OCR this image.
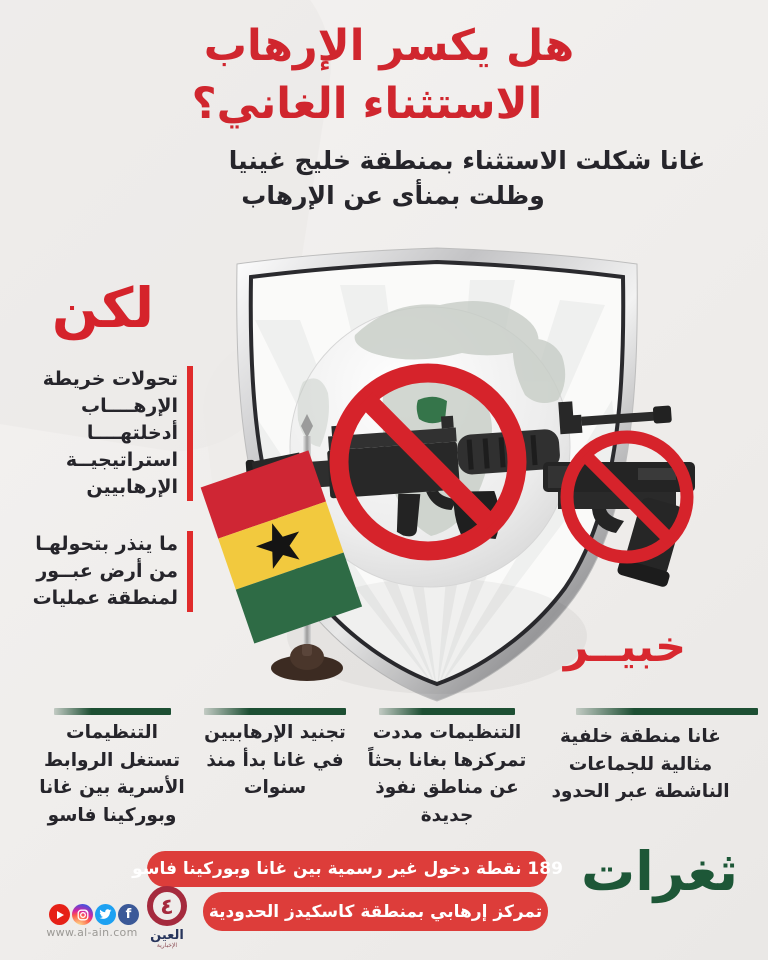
هل يكسر الإرهاب
الاستثناء الغاني؟
غانا شكلت الاستثناء بمنطقة خليج غينيا
وظلت بمنأى عن الإرهاب
لكن
تحولات خريطة
الإرهــــاب
أدخلتهــــا
استراتيجيــة
الإرهابيين
ما ينذر بتحولهـا
من أرض عبــور
لمنطقة عمليات
خبيــر
غانا منطقة خلفية
مثالية للجماعات
الناشطة عبر الحدود
التنظيمات مددت
تمركزها بغانا بحثاً
عن مناطق نفوذ
جديدة
تجنيد الإرهابيين
في غانا بدأ منذ
سنوات
التنظيمات
تستغل الروابط
الأسرية بين غانا
وبوركينا فاسو
ثغرات
189 نقطة دخول غير رسمية بين غانا وبوركينا فاسو
تمركز إرهابي بمنطقة كاسكيدز الحدودية
f
www.al-ain.com
٤
العين
الإخبارية
